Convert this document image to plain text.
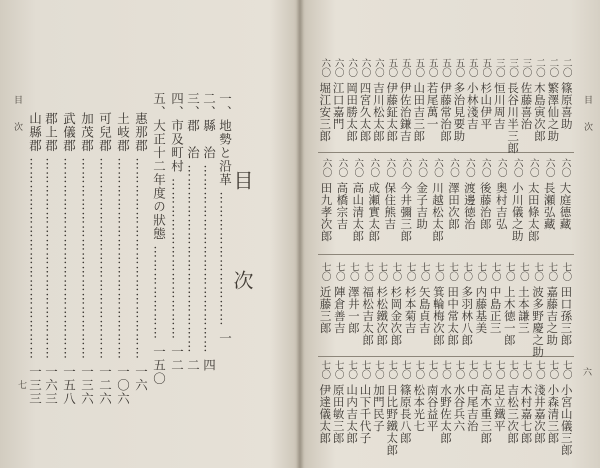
目　　次
七
目　次
一、地勢と沿革 ………………………… 一
二、縣　治 …………………………………… 四
三、郡　治 …………………………………… 二
四、市及町村 ……………………………… 一二
五、大正十二年度の狀態 ………………… 一五〇
惠那郡 ……………………………………… 一六
土岐郡 ……………………………………… 一〇六
可兒郡 ……………………………………… 一二六
加茂郡 ……………………………………… 一三六
武儀郡 ……………………………………… 一五八
郡上郡 ……………………………………… 一六三
山縣郡 ……………………………………… 一三三	目　　次
六
二〇
篠原喜助
二〇
繁澤仙之助
二〇
木島寅次郎
三〇
佐藤喜治
三〇
長谷川半三郎
三〇
恒川周吉
五〇
杉山伊平
五〇
小林淺吉
五〇
多治見要助
五〇
伊藤常治郎
五〇
若尾萬一
五〇
山田吉三郎
五〇
伊佐治鎌吉
五〇
伊藤鉦太郎
六〇
吉川松太郎
六〇
四宮久太郎
六〇
岡田勝太郎
六〇
江口嘉門
六〇
堀江安三郎
六〇
大庭德藏
六〇
長瀬弘藏
六〇
太田條太郎
六〇
小川儀之助
六〇
奥村吉弘
六〇
後藤治郎
六〇
渡邊徳治
六〇
澤田次郎
六〇
川越松太郎
六〇
金子吉助
六〇
今井彌三郎
六〇
保住熊吉
六〇
成瀬實太郎
六〇
高山清太郎
六〇
高橋宗吉
六〇
田九孝次郎
七〇
田口孫三郎
七〇
嘉藤吉之助
七〇
波多野慶之助
七〇
土本謙三
七〇
上木徳一郎
七〇
中島正三
七〇
内藤基美
七〇
多羽林八郎
七〇
田中常太郎
七〇
箕輪梅次郎
七〇
矢島貞吉
七〇
杉本菊吉
七〇
杉岡金次郎
七〇
杉松鐵次郎
七〇
福松吉太郎
七〇
澤井一郎
七〇
陣倉善吉
七〇
近藤三郎
七〇
小宮山儀三郎
七〇
小森清三郎
七〇
淺井嘉次郎
七〇
木村嘉七郎
七〇
吉松三次郎
七〇
足立鐵平
七〇
高木重三郎
七〇
中尾吉治
七〇
水谷兵六
七〇
水野佐太郎
七〇
南谷益平
七〇
松本光七
七〇
篠原長八郎
七〇
日比野鐵太郎
七〇
加門民子
七〇
山下千代子
七〇
山内吉太郎
七〇
原田敏三郎
七〇
伊達儀太郎
